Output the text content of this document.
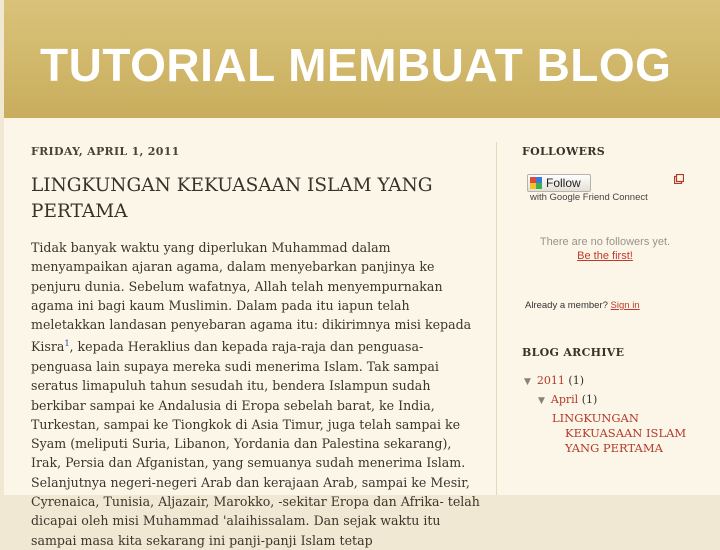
TUTORIAL MEMBUAT BLOG
FRIDAY, APRIL 1, 2011
LINGKUNGAN KEKUASAAN ISLAM YANG PERTAMA
Tidak banyak waktu yang diperlukan Muhammad dalam menyampaikan ajaran agama, dalam menyebarkan panjinya ke penjuru dunia. Sebelum wafatnya, Allah telah menyempurnakan agama ini bagi kaum Muslimin. Dalam pada itu iapun telah meletakkan landasan penyebaran agama itu: dikirimnya misi kepada Kisra$^1$, kepada Heraklius dan kepada raja-raja dan penguasa-penguasa lain supaya mereka sudi menerima Islam. Tak sampai seratus limapuluh tahun sesudah itu, bendera Islampun sudah berkibar sampai ke Andalusia di Eropa sebelah barat, ke India, Turkestan, sampai ke Tiongkok di Asia Timur, juga telah sampai ke Syam (meliputi Suria, Libanon, Yordania dan Palestina sekarang), Irak, Persia dan Afganistan, yang semuanya sudah menerima Islam. Selanjutnya negeri-negeri Arab dan kerajaan Arab, sampai ke Mesir, Cyrenaica, Tunisia, Aljazair, Marokko, -sekitar Eropa dan Afrika- telah dicapai oleh misi Muhammad 'alaihissalam. Dan sejak waktu itu sampai masa kita sekarang ini panji-panji Islam tetap
FOLLOWERS
Follow
with Google Friend Connect
There are no followers yet.
Be the first!
Already a member? Sign in
BLOG ARCHIVE
▼ 2011 (1)
▼ April (1)
LINGKUNGAN KEKUASAAN ISLAM YANG PERTAMA
